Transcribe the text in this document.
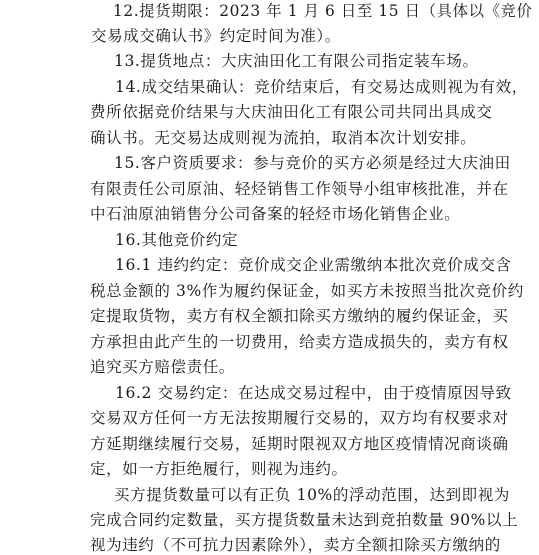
12.提货期限：2023 年 1 月 6 日至 15 日（具体以《竞价
交易成交确认书》约定时间为准）。
13.提货地点：大庆油田化工有限公司指定装车场。
14.成交结果确认：竞价结束后，有交易达成则视为有效，
费所依据竞价结果与大庆油田化工有限公司共同出具成交
确认书。无交易达成则视为流拍，取消本次计划安排。
15.客户资质要求：参与竞价的买方必须是经过大庆油田
有限责任公司原油、轻烃销售工作领导小组审核批准，并在
中石油原油销售分公司备案的轻烃市场化销售企业。
16.其他竞价约定
16.1 违约约定：竞价成交企业需缴纳本批次竞价成交含
税总金额的 3%作为履约保证金，如买方未按照当批次竞价约
定提取货物，卖方有权全额扣除买方缴纳的履约保证金，买
方承担由此产生的一切费用，给卖方造成损失的，卖方有权
追究买方赔偿责任。
16.2 交易约定：在达成交易过程中，由于疫情原因导致
交易双方任何一方无法按期履行交易的，双方均有权要求对
方延期继续履行交易，延期时限视双方地区疫情情况商谈确
定，如一方拒绝履行，则视为违约。
买方提货数量可以有正负 10%的浮动范围，达到即视为
完成合同约定数量，买方提货数量未达到竞拍数量 90%以上
视为违约（不可抗力因素除外），卖方全额扣除买方缴纳的
